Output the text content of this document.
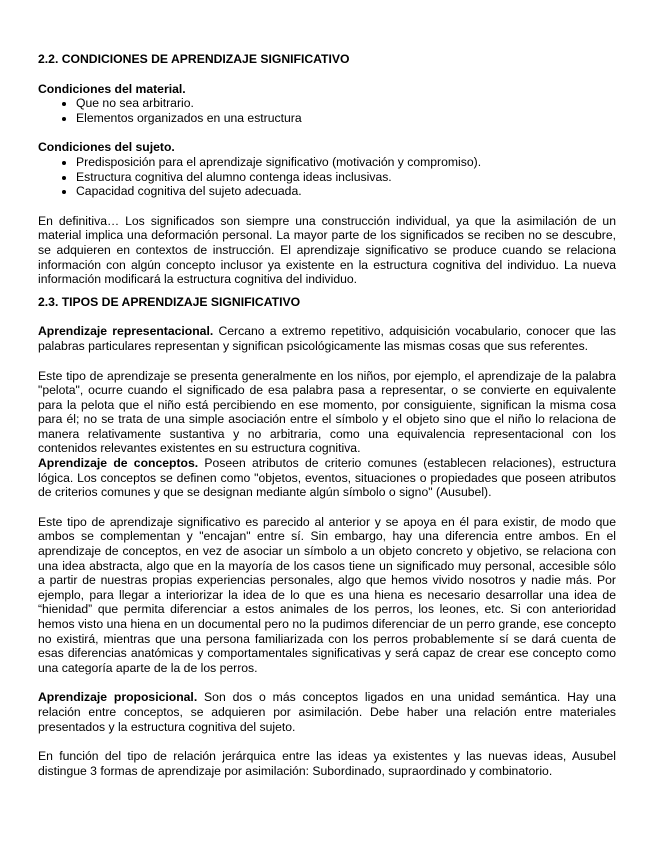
2.2. CONDICIONES DE APRENDIZAJE SIGNIFICATIVO

Condiciones del material.

• Que no sea arbitrario.
• Elementos organizados en una estructura

Condiciones del sujeto.

• Predisposición para el aprendizaje significativo (motivación y compromiso).
• Estructura cognitiva del alumno contenga ideas inclusivas.
• Capacidad cognitiva del sujeto adecuada.

En definitiva… Los significados son siempre una construcción individual, ya que la asimilación de un material implica una deformación personal. La mayor parte de los significados se reciben no se descubre, se adquieren en contextos de instrucción. El aprendizaje significativo se produce cuando se relaciona información con algún concepto inclusor ya existente en la estructura cognitiva del individuo. La nueva información modificará la estructura cognitiva del individuo.

2.3. TIPOS DE APRENDIZAJE SIGNIFICATIVO

Aprendizaje representacional. Cercano a extremo repetitivo, adquisición vocabulario, conocer que las palabras particulares representan y significan psicológicamente las mismas cosas que sus referentes.

Este tipo de aprendizaje se presenta generalmente en los niños, por ejemplo, el aprendizaje de la palabra "pelota", ocurre cuando el significado de esa palabra pasa a representar, o se convierte en equivalente para la pelota que el niño está percibiendo en ese momento, por consiguiente, significan la misma cosa para él; no se trata de una simple asociación entre el símbolo y el objeto sino que el niño lo relaciona de manera relativamente sustantiva y no arbitraria, como una equivalencia representacional con los contenidos relevantes existentes en su estructura cognitiva.

Aprendizaje de conceptos. Poseen atributos de criterio comunes (establecen relaciones), estructura lógica. Los conceptos se definen como "objetos, eventos, situaciones o propiedades que poseen atributos de criterios comunes y que se designan mediante algún símbolo o signo" (Ausubel).

Este tipo de aprendizaje significativo es parecido al anterior y se apoya en él para existir, de modo que ambos se complementan y "encajan" entre sí. Sin embargo, hay una diferencia entre ambos. En el aprendizaje de conceptos, en vez de asociar un símbolo a un objeto concreto y objetivo, se relaciona con una idea abstracta, algo que en la mayoría de los casos tiene un significado muy personal, accesible sólo a partir de nuestras propias experiencias personales, algo que hemos vivido nosotros y nadie más. Por ejemplo, para llegar a interiorizar la idea de lo que es una hiena es necesario desarrollar una idea de “hienidad” que permita diferenciar a estos animales de los perros, los leones, etc. Si con anterioridad hemos visto una hiena en un documental pero no la pudimos diferenciar de un perro grande, ese concepto no existirá, mientras que una persona familiarizada con los perros probablemente sí se dará cuenta de esas diferencias anatómicas y comportamentales significativas y será capaz de crear ese concepto como una categoría aparte de la de los perros.

Aprendizaje proposicional. Son dos o más conceptos ligados en una unidad semántica. Hay una relación entre conceptos, se adquieren por asimilación. Debe haber una relación entre materiales presentados y la estructura cognitiva del sujeto.

En función del tipo de relación jerárquica entre las ideas ya existentes y las nuevas ideas, Ausubel distingue 3 formas de aprendizaje por asimilación: Subordinado, supraordinado y combinatorio.
